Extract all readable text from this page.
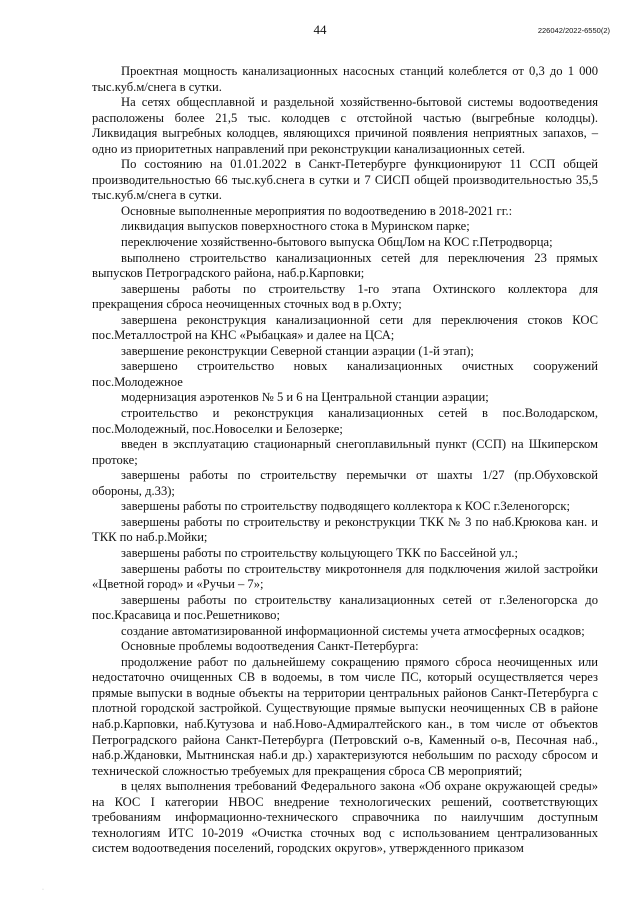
44	226042/2022-6550(2)

Проектная мощность канализационных насосных станций колеблется от 0,3 до 1 000 тыс.куб.м/снега в сутки.

На сетях общесплавной и раздельной хозяйственно-бытовой системы водоотведения расположены более 21,5 тыс. колодцев с отстойной частью (выгребные колодцы). Ликвидация выгребных колодцев, являющихся причиной появления неприятных запахов, – одно из приоритетных направлений при реконструкции канализационных сетей.

По состоянию на 01.01.2022 в Санкт-Петербурге функционируют 11 ССП общей производительностью 66 тыс.куб.снега в сутки и 7 СИСП общей производительностью 35,5 тыс.куб.м/снега в сутки.

Основные выполненные мероприятия по водоотведению в 2018-2021 гг.:

ликвидация выпусков поверхностного стока в Муринском парке;

переключение хозяйственно-бытового выпуска ОбщЛом на КОС г.Петродворца;

выполнено строительство канализационных сетей для переключения 23 прямых выпусков Петроградского района, наб.р.Карповки;

завершены работы по строительству 1-го этапа Охтинского коллектора для прекращения сброса неочищенных сточных вод в р.Охту;

завершена реконструкция канализационной сети для переключения стоков КОС пос.Металлострой на КНС «Рыбацкая» и далее на ЦСА;

завершение реконструкции Северной станции аэрации (1-й этап);

завершено строительство новых канализационных очистных сооружений пос.Молодежное

модернизация аэротенков № 5 и 6 на Центральной станции аэрации;

строительство и реконструкция канализационных сетей в пос.Володарском, пос.Молодежный, пос.Новоселки и Белозерке;

введен в эксплуатацию стационарный снегоплавильный пункт (ССП) на Шкиперском протоке;

завершены работы по строительству перемычки от шахты 1/27 (пр.Обуховской обороны, д.33);

завершены работы по строительству подводящего коллектора к КОС г.Зеленогорск;

завершены работы по строительству и реконструкции ТКК № 3 по наб.Крюкова кан. и ТКК по наб.р.Мойки;

завершены работы по строительству кольцующего ТКК по Бассейной ул.;

завершены работы по строительству микротоннеля для подключения жилой застройки «Цветной город» и «Ручьи – 7»;

завершены работы по строительству канализационных сетей от г.Зеленогорска до пос.Красавица и пос.Решетниково;

создание автоматизированной информационной системы учета атмосферных осадков;

Основные проблемы водоотведения Санкт-Петербурга:

продолжение работ по дальнейшему сокращению прямого сброса неочищенных или недостаточно очищенных СВ в водоемы, в том числе ПС, который осуществляется через прямые выпуски в водные объекты на территории центральных районов Санкт-Петербурга с плотной городской застройкой. Существующие прямые выпуски неочищенных СВ в районе наб.р.Карповки, наб.Кутузова и наб.Ново-Адмиралтейского кан., в том числе от объектов Петроградского района Санкт-Петербурга (Петровский о-в, Каменный о-в, Песочная наб., наб.р.Ждановки, Мытнинская наб.и др.) характеризуются небольшим по расходу сбросом и технической сложностью требуемых для прекращения сброса СВ мероприятий;

в целях выполнения требований Федерального закона «Об охране окружающей среды» на КОС I категории НВОС внедрение технологических решений, соответствующих требованиям информационно-технического справочника по наилучшим доступным технологиям ИТС 10-2019 «Очистка сточных вод с использованием централизованных систем водоотведения поселений, городских округов», утвержденного приказом

·
